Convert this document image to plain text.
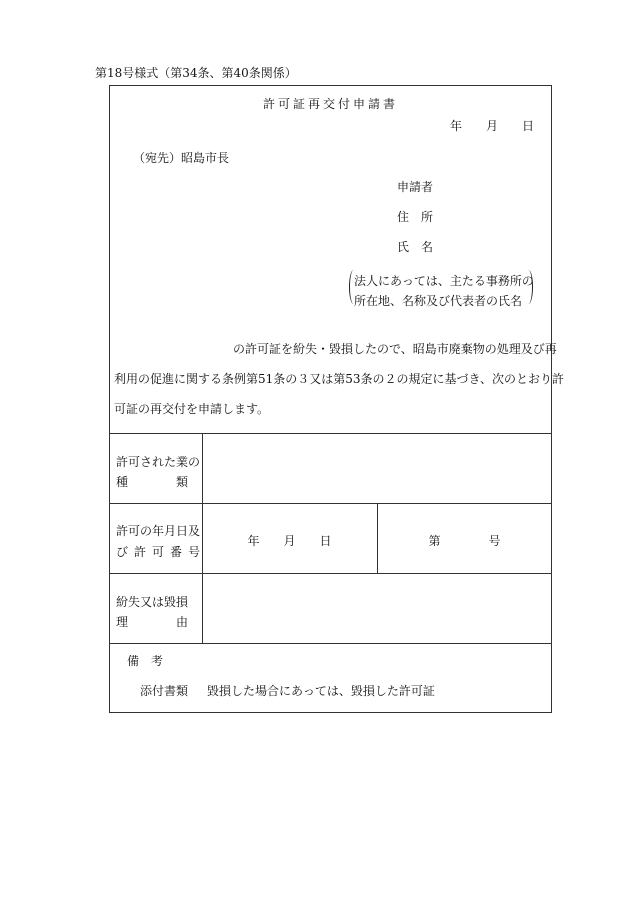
第18号様式（第34条、第40条関係）
許可証再交付申請書
年 月 日
（宛先）昭島市長
申請者
住　所
氏　名
法人にあっては、主たる事務所の
所在地、名称及び代表者の氏名
の許可証を紛失・毀損したので、昭島市廃棄物の処理及び再
利用の促進に関する条例第51条の３又は第53条の２の規定に基づき、次のとおり許
可証の再交付を申請します。
許可された業の
種　　　　類
許可の年月日及
び許可番号
年　　月　　日	第　　　　号
紛失又は毀損
理　　　　由
備　考
添付書類 毀損した場合にあっては、毀損した許可証
